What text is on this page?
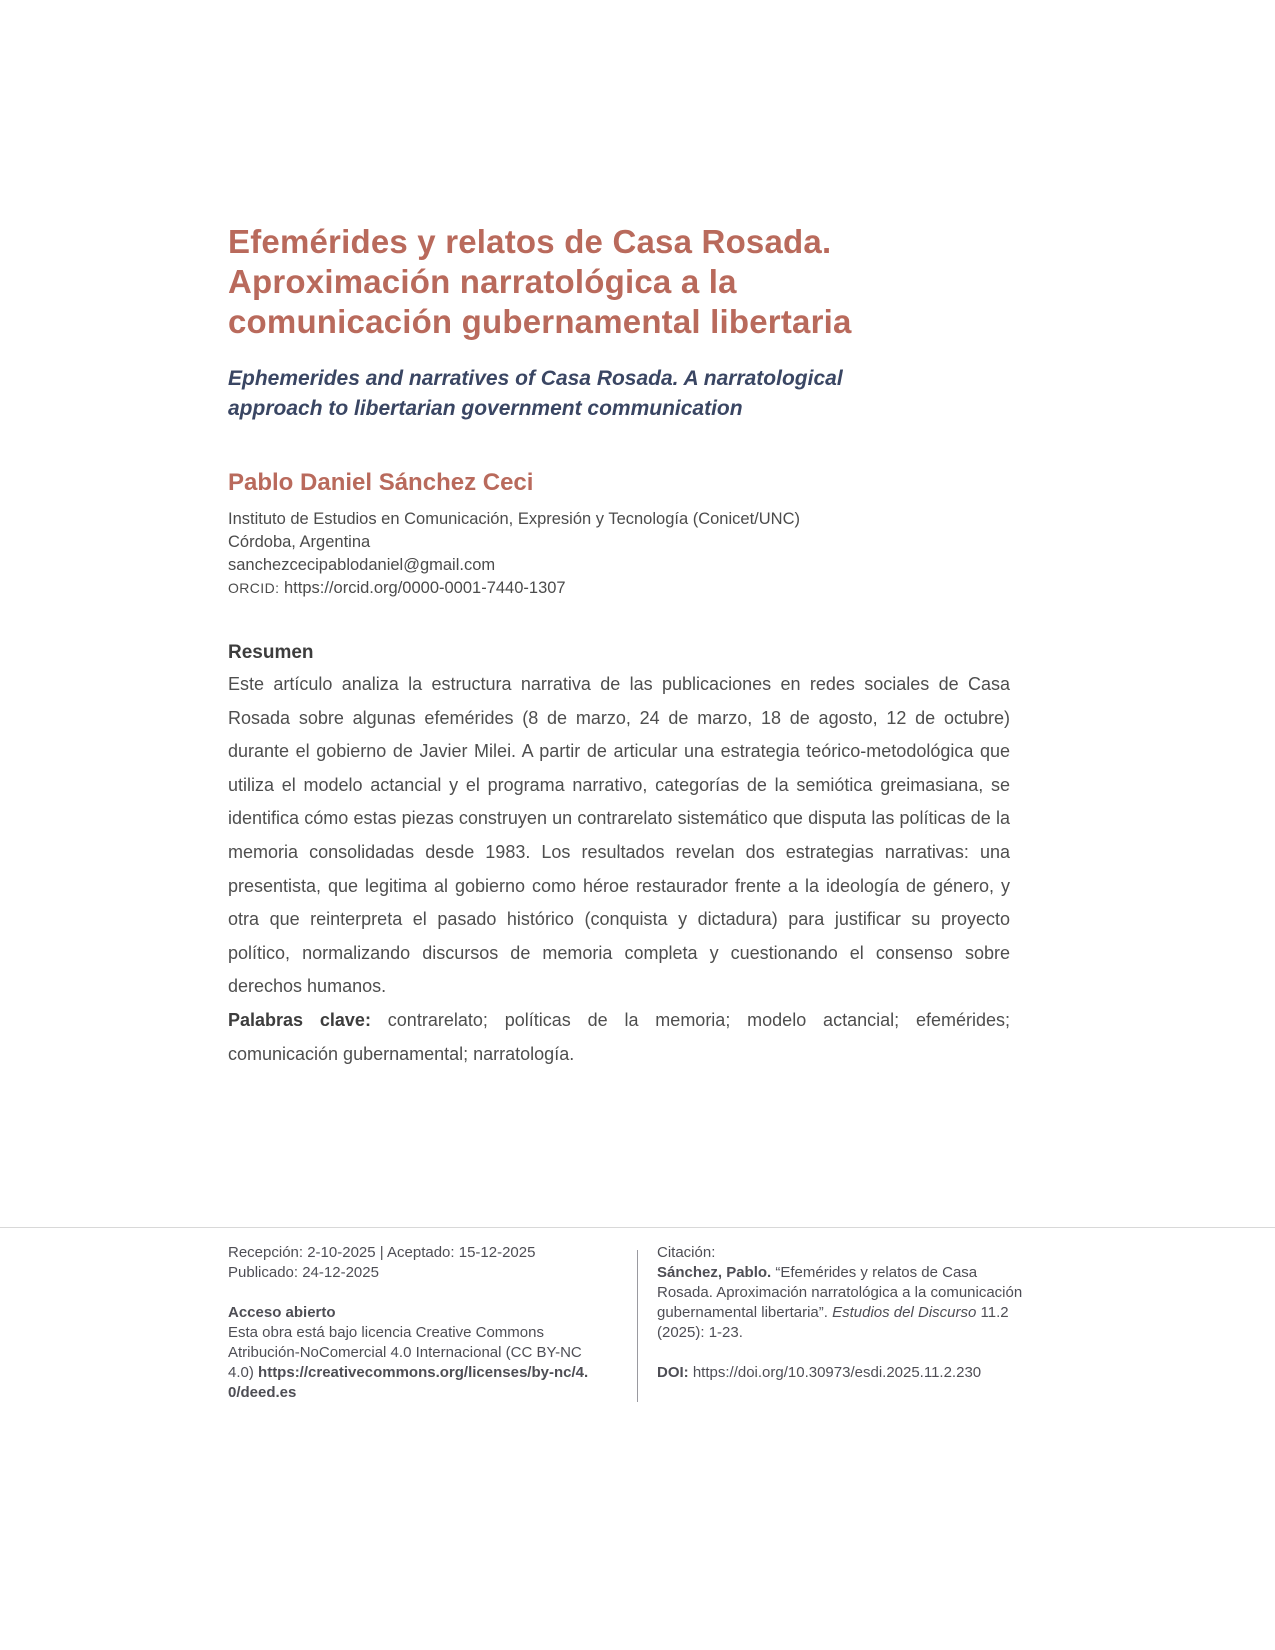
Efemérides y relatos de Casa Rosada.
Aproximación narratológica a la
comunicación gubernamental libertaria
Ephemerides and narratives of Casa Rosada. A narratological
approach to libertarian government communication
Pablo Daniel Sánchez Ceci
Instituto de Estudios en Comunicación, Expresión y Tecnología (Conicet/UNC)
Córdoba, Argentina
sanchezcecipablodaniel@gmail.com
ORCID: https://orcid.org/0000-0001-7440-1307
Resumen

Este artículo analiza la estructura narrativa de las publicaciones en redes sociales de Casa Rosada sobre algunas efemérides (8 de marzo, 24 de marzo, 18 de agosto, 12 de octubre) durante el gobierno de Javier Milei. A partir de articular una estrategia teórico-metodológica que utiliza el modelo actancial y el programa narrativo, categorías de la semiótica greimasiana, se identifica cómo estas piezas construyen un contrarelato sistemático que disputa las políticas de la memoria consolidadas desde 1983. Los resultados revelan dos estrategias narrativas: una presentista, que legitima al gobierno como héroe restaurador frente a la ideología de género, y otra que reinterpreta el pasado histórico (conquista y dictadura) para justificar su proyecto político, normalizando discursos de memoria completa y cuestionando el consenso sobre derechos humanos.

Palabras clave: contrarelato; políticas de la memoria; modelo actancial; efemérides; comunicación gubernamental; narratología.

Recepción: 2-10-2025 | Aceptado: 15-12-2025

Publicado: 24-12-2025

Acceso abierto

Esta obra está bajo licencia Creative Commons Atribución-NoComercial 4.0 Internacional (CC BY-NC 4.0) https://creativecommons.org/licenses/by-nc/4.0/deed.es

Citación:

Sánchez, Pablo. “Efemérides y relatos de Casa Rosada. Aproximación narratológica a la comunicación gubernamental libertaria”. Estudios del Discurso 11.2 (2025): 1-23.

DOI: https://doi.org/10.30973/esdi.2025.11.2.230
